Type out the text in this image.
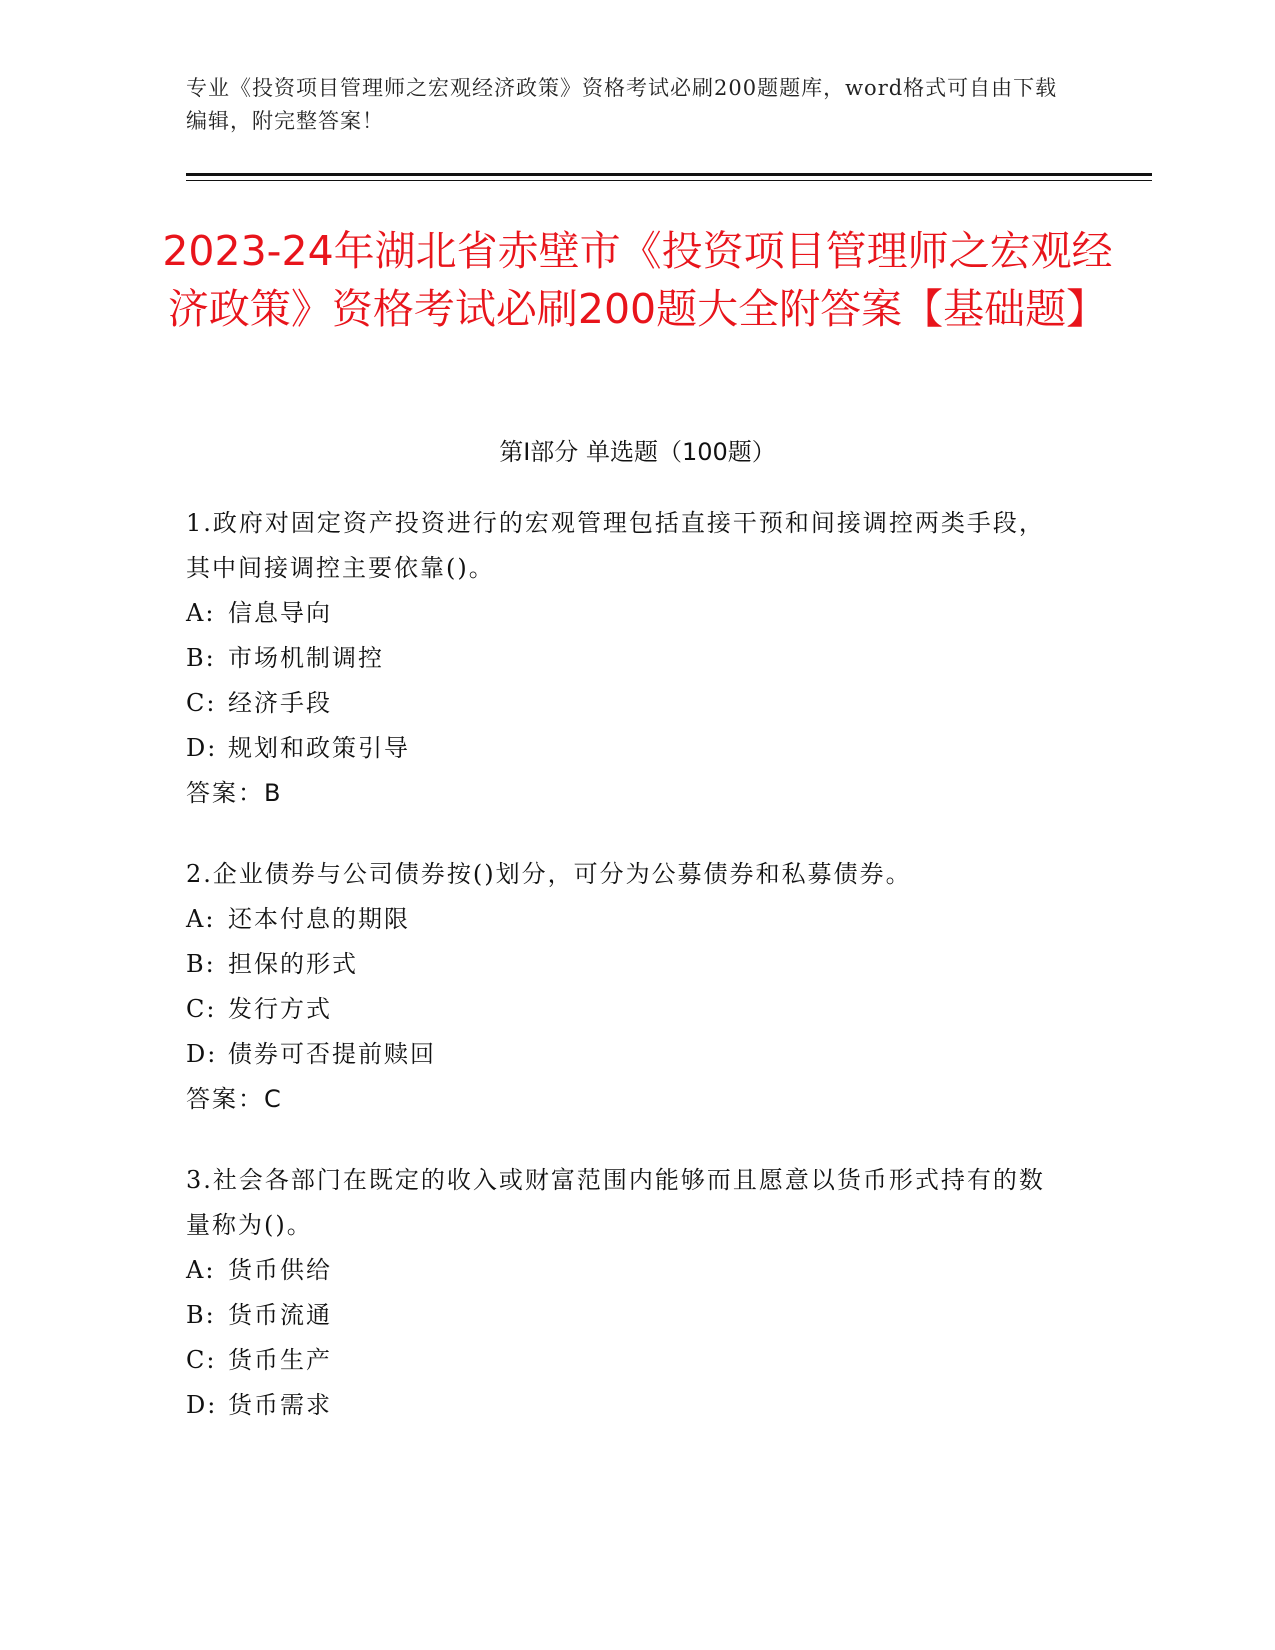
专业《投资项目管理师之宏观经济政策》资格考试必刷200题题库，word格式可自由下载编辑，附完整答案！
2023-24年湖北省赤壁市《投资项目管理师之宏观经济政策》资格考试必刷200题大全附答案【基础题】
第Ⅰ部分 单选题（100题）
1.政府对固定资产投资进行的宏观管理包括直接干预和间接调控两类手段，其中间接调控主要依靠()。
A: 信息导向
B: 市场机制调控
C: 经济手段
D: 规划和政策引导
答案：B
2.企业债券与公司债券按()划分，可分为公募债券和私募债券。
A: 还本付息的期限
B: 担保的形式
C: 发行方式
D: 债券可否提前赎回
答案：C
3.社会各部门在既定的收入或财富范围内能够而且愿意以货币形式持有的数量称为()。
A: 货币供给
B: 货币流通
C: 货币生产
D: 货币需求
